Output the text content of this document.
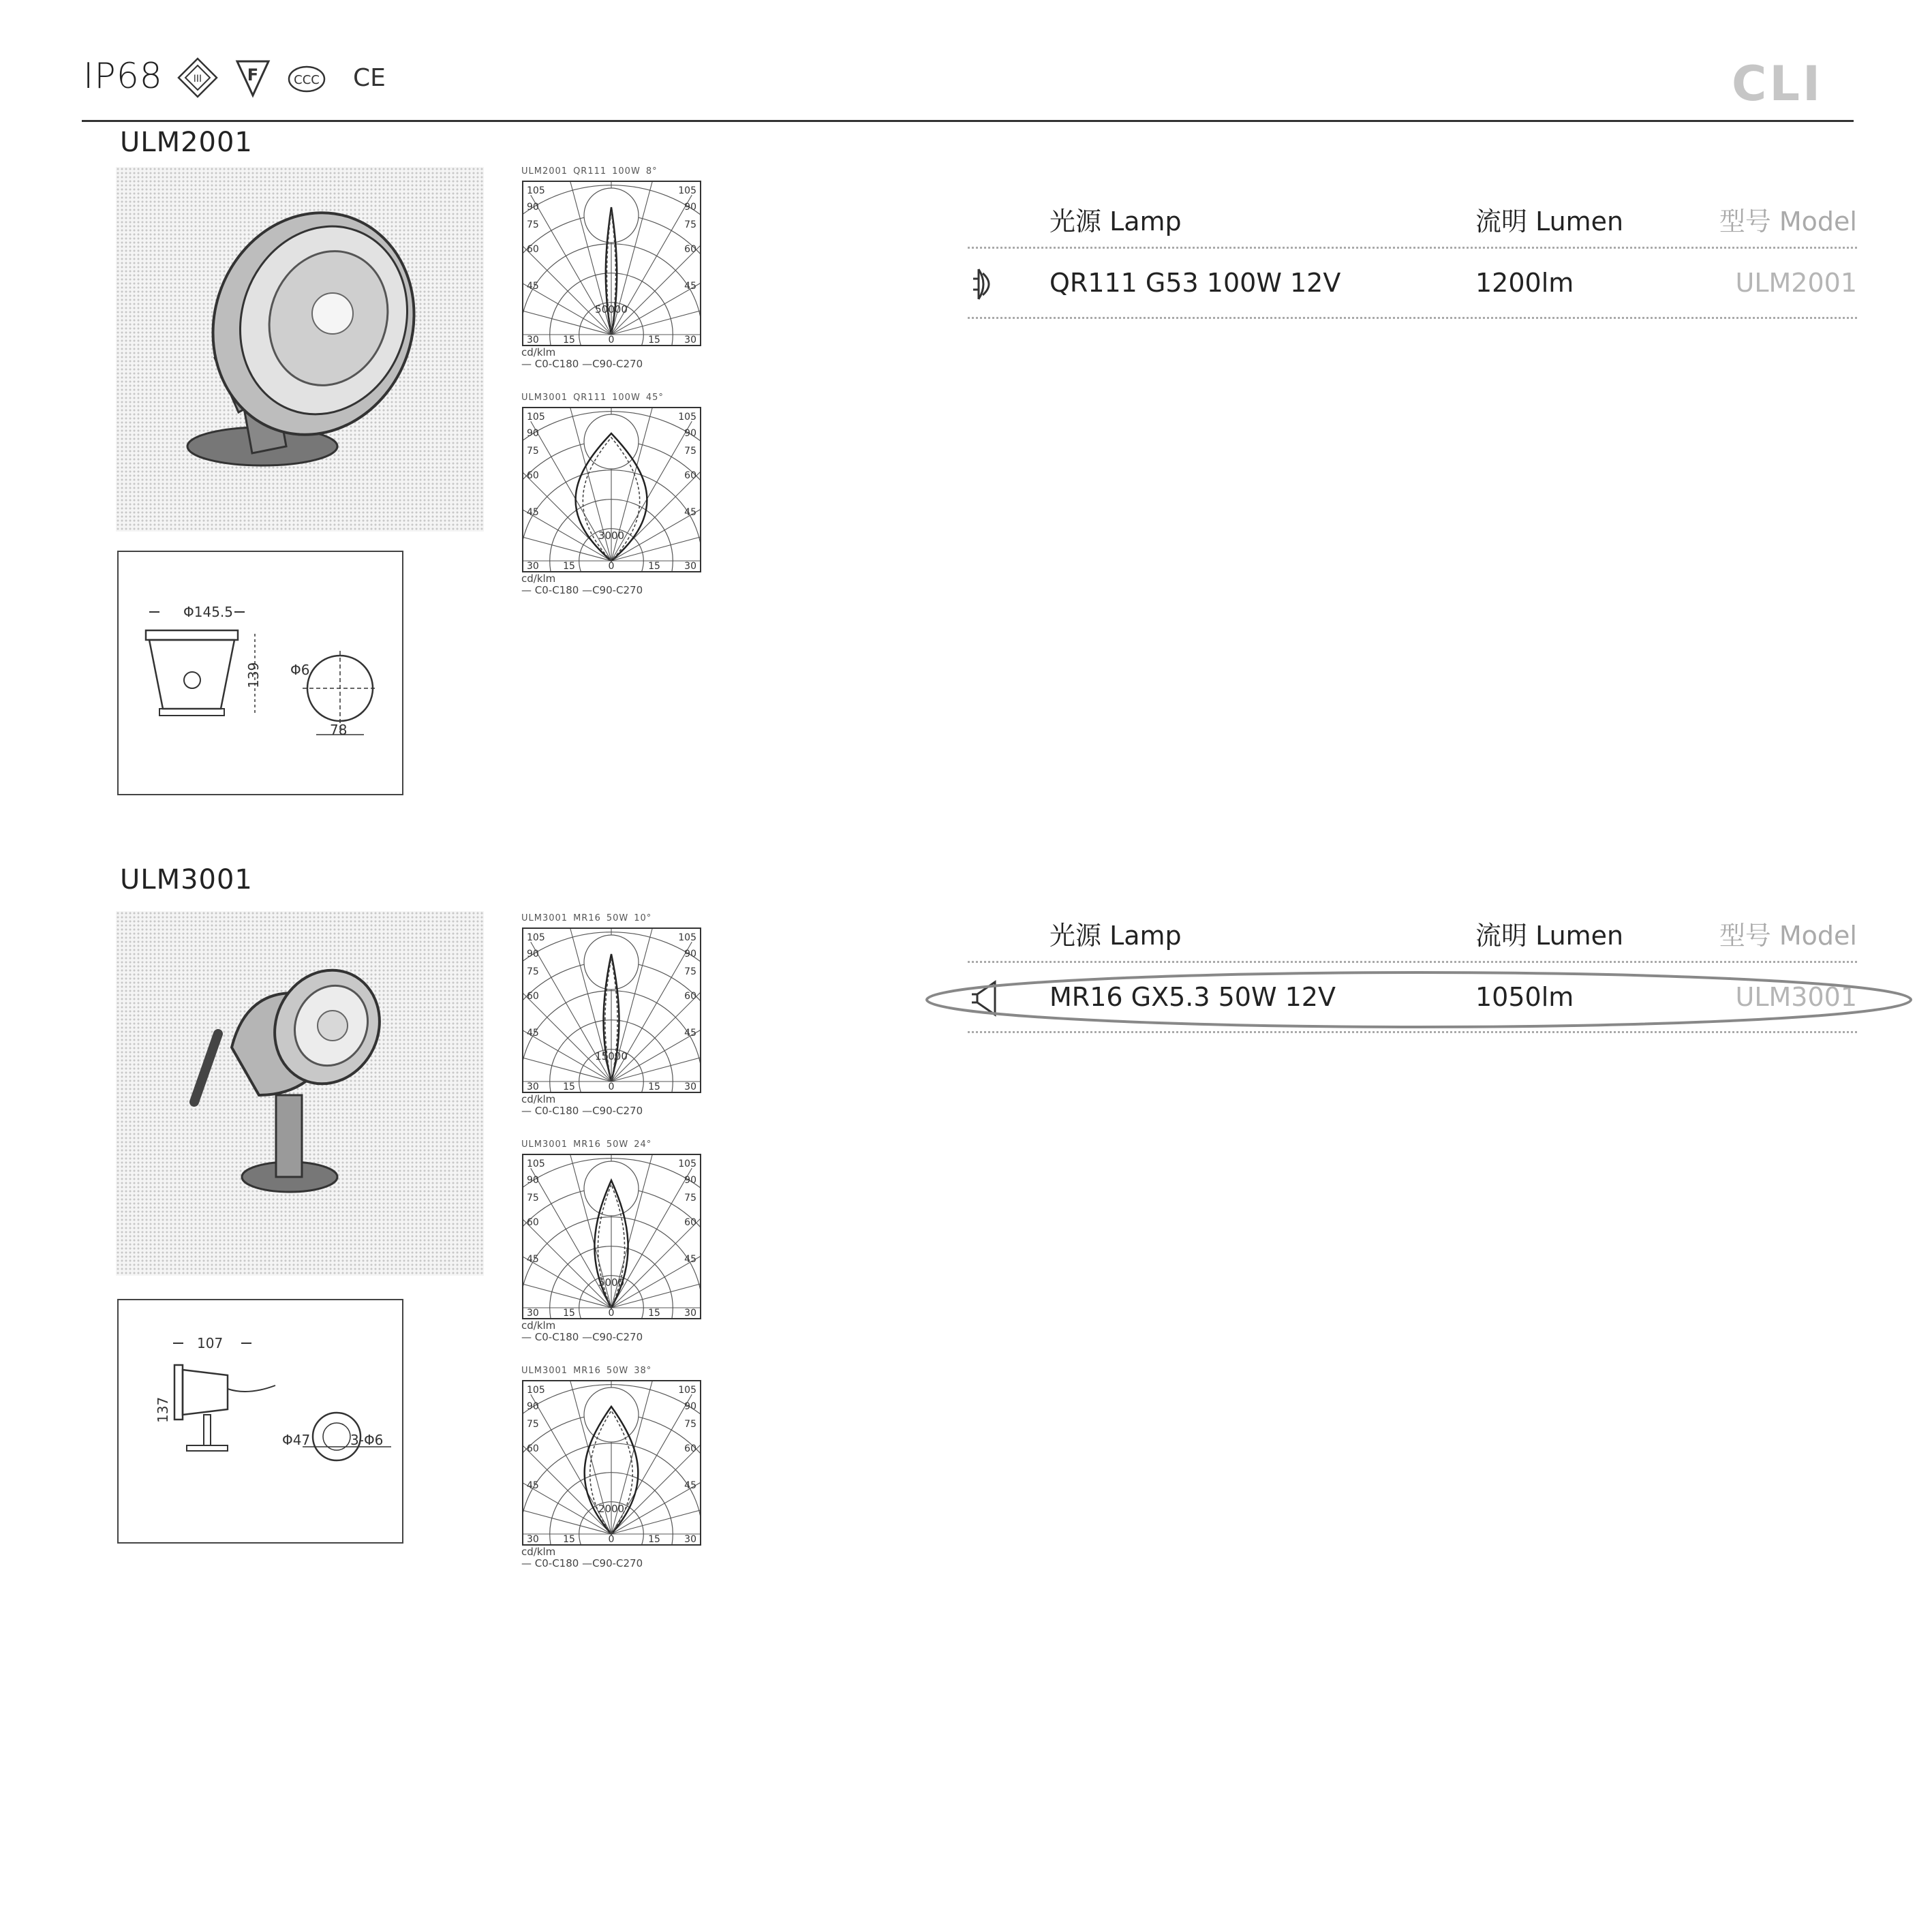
IP68	III	F	CCC CE	CLI
ULM2001
Φ145.5
139 Φ6
78
ULM2001 QR111 100W 8°
105	105
90	90
75	75
60	60
45	45
30	15	0	15	30
50000
cd/klm
— C0-C180 —C90-C270
ULM3001 QR111 100W 45°
105	105
90	90
75	75
60	60
45	45
30	15	0	15	30
3000
cd/klm
— C0-C180 —C90-C270
光源 Lamp	流明 Lumen	型号 Model
QR111 G53 100W 12V	1200lm	ULM2001
ULM3001
107
137
Φ47	3-Φ6
ULM3001 MR16 50W 10°
105	105
90	90
75	75
60	60
45	45
30	15	0	15	30
15000
cd/klm
— C0-C180 —C90-C270
ULM3001 MR16 50W 24°
105	105
90	90
75	75
60	60
45	45
30	15	0	15	30
5000
cd/klm
— C0-C180 —C90-C270
ULM3001 MR16 50W 38°
105	105
90	90
75	75
60	60
45	45
30	15	0	15	30
2000
cd/klm
— C0-C180 —C90-C270
光源 Lamp	流明 Lumen	型号 Model
MR16 GX5.3 50W 12V	1050lm	ULM3001
